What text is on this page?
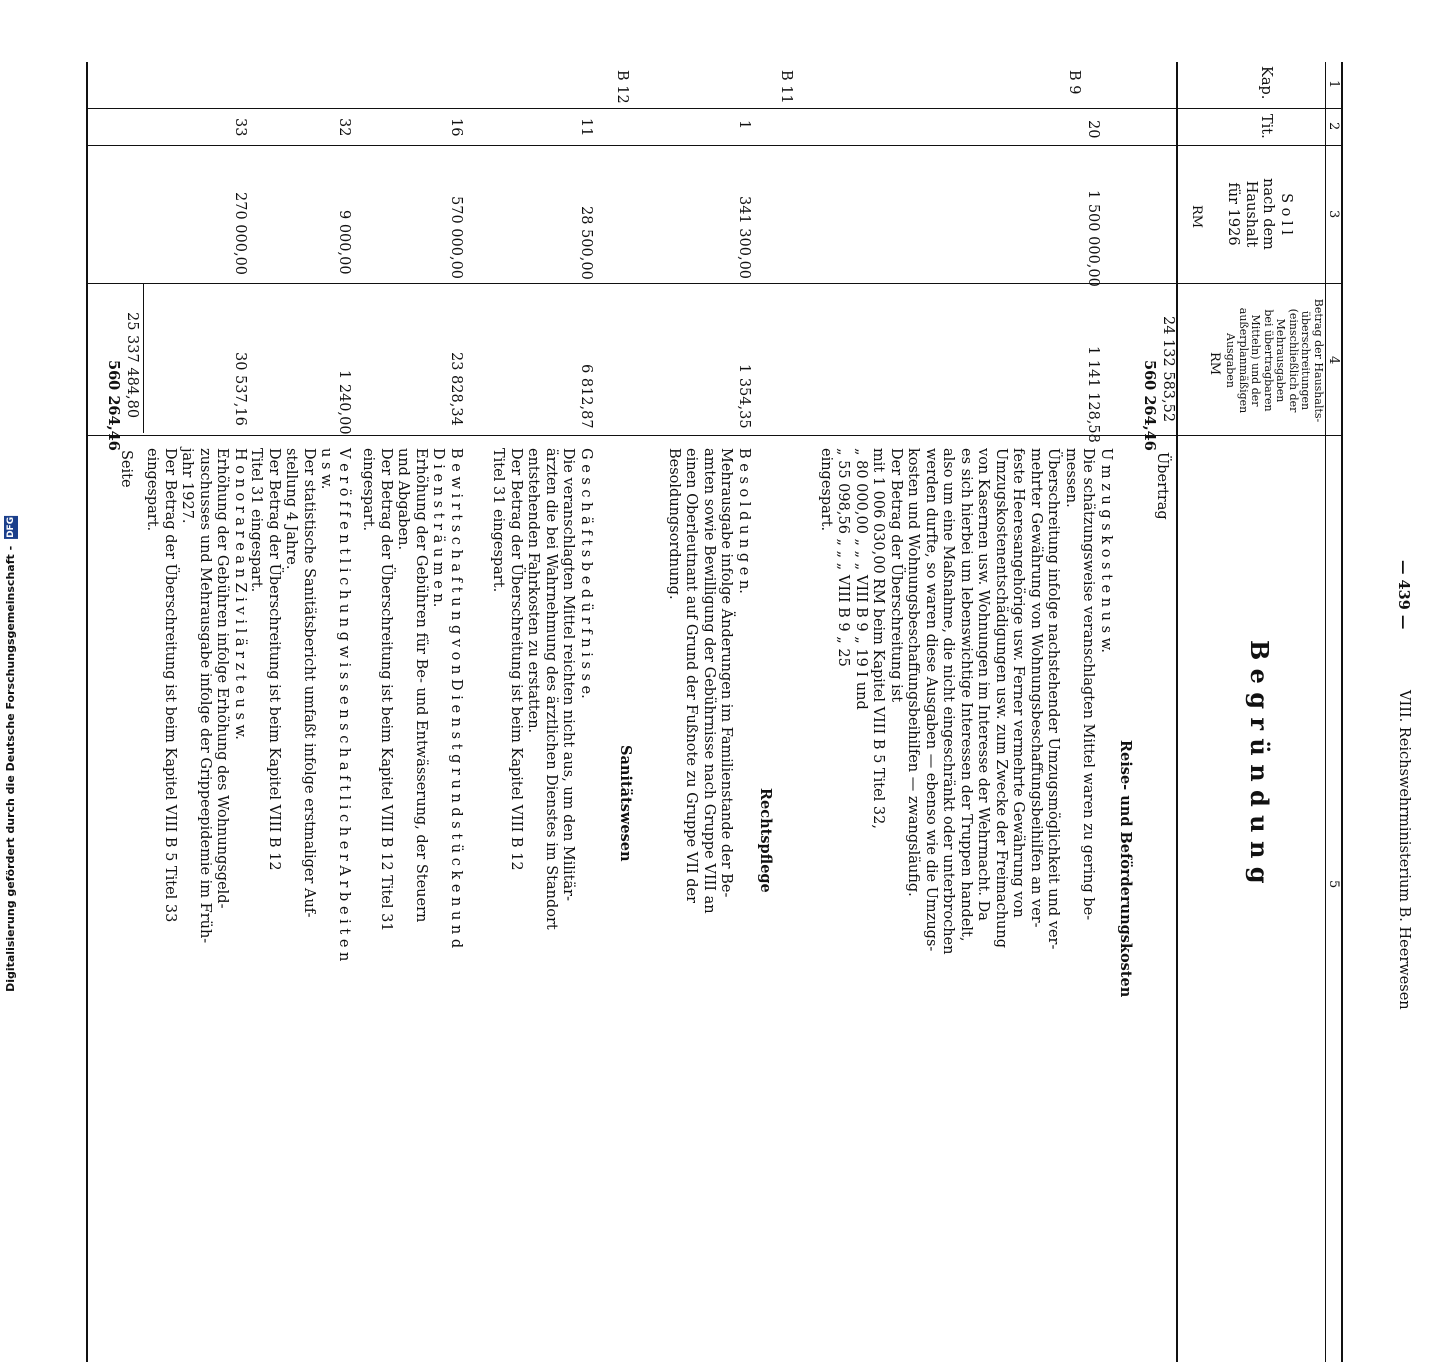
— 439 —
VIII. Reichswehrministerium B. Heerwesen
1
2
3
4
5
Kap.
Tit.
S o l l
nach dem
Haushalt
für 1926
RM
Betrag der Haushalts-
überschreitungen
(einschließlich der
Mehrausgaben
bei übertragbaren
Mitteln) und der
außerplanmäßigen
Ausgaben
RM
B e g r ü n d u n g
24 132 583,52
560 264,46
Übertrag
B 9
B 11
B 12
Reise- und Beförderungskosten
Rechtspflege
Sanitätswesen
20
1 500 000,00
1 141 128,58
U m z u g s k o s t e n u s w.
Die schätzungsweise veranschlagten Mittel waren zu gering be-
messen.
Überschreitung infolge nachstehender Umzugsmöglichkeit und ver-
mehrter Gewährung von Wohnungsbeschaffungsbeihilfen an ver-
feste Heeresangehörige usw. Ferner vermehrte Gewährung von
Umzugskostenentschädigungen usw. zum Zwecke der Freimachung
von Kasernen usw. Wohnungen im Interesse der Wehrmacht. Da
es sich hierbei um lebenswichtige Interessen der Truppen handelt,
also um eine Maßnahme, die nicht eingeschränkt oder unterbrochen
werden durfte, so waren diese Ausgaben — ebenso wie die Umzugs-
kosten und Wohnungsbeschaffungsbeihilfen — zwangsläufig.
Der Betrag der Überschreitung ist
mit 1 006 030,00 RM beim Kapitel VIII B 5 Titel 32,
„ 80 000,00 „ „ „ VIII B 9 „ 19 I und
„ 55 098,56 „ „ „ VIII B 9 „ 25
eingespart.
1
341 300,00
1 354,35
B e s o l d u n g e n.
Mehrausgabe infolge Änderungen im Familienstande der Be-
amten sowie Bewilligung der Gebührnisse nach Gruppe VIII an
einen Oberleutnant auf Grund der Fußnote zu Gruppe VII der
Besoldungsordnung.
11
28 500,00
6 812,87
G e s c h ä f t s b e d ü r f n i s s e.
Die veranschlagten Mittel reichten nicht aus, um den Militär-
ärzten die bei Wahrnehmung des ärztlichen Dienstes im Standort
entstehenden Fahrkosten zu erstatten.
Der Betrag der Überschreitung ist beim Kapitel VIII B 12
Titel 31 eingespart.
16
570 000,00
23 828,34
B e w i r t s c h a f t u n g v o n D i e n s t g r u n d s t ü c k e n u n d
D i e n s t r ä u m e n.
Erhöhung der Gebühren für Be- und Entwässerung, der Steuern
und Abgaben.
Der Betrag der Überschreitung ist beim Kapitel VIII B 12 Titel 31
eingespart.
32
9 000,00
1 240,00
V e r ö f f e n t l i c h u n g w i s s e n s c h a f t l i c h e r A r b e i t e n
u s w.
Der statistische Sanitätsbericht umfaßt infolge erstmaliger Auf-
stellung 4 Jahre.
Der Betrag der Überschreitung ist beim Kapitel VIII B 12
Titel 31 eingespart.
33
270 000,00
30 537,16
H o n o r a r e a n Z i v i l ä r z t e u s w.
Erhöhung der Gebühren infolge Erhöhung des Wohnungsgeld-
zuschusses und Mehrausgabe infolge der Grippeepidemie im Früh-
jahr 1927.
Der Betrag der Überschreitung ist beim Kapitel VIII B 5 Titel 33
eingespart.
25 337 484,80
560 264,46
Seite
Digitalisierung gefördert durch die Deutsche Forschungsgemeinschaft - DFG
